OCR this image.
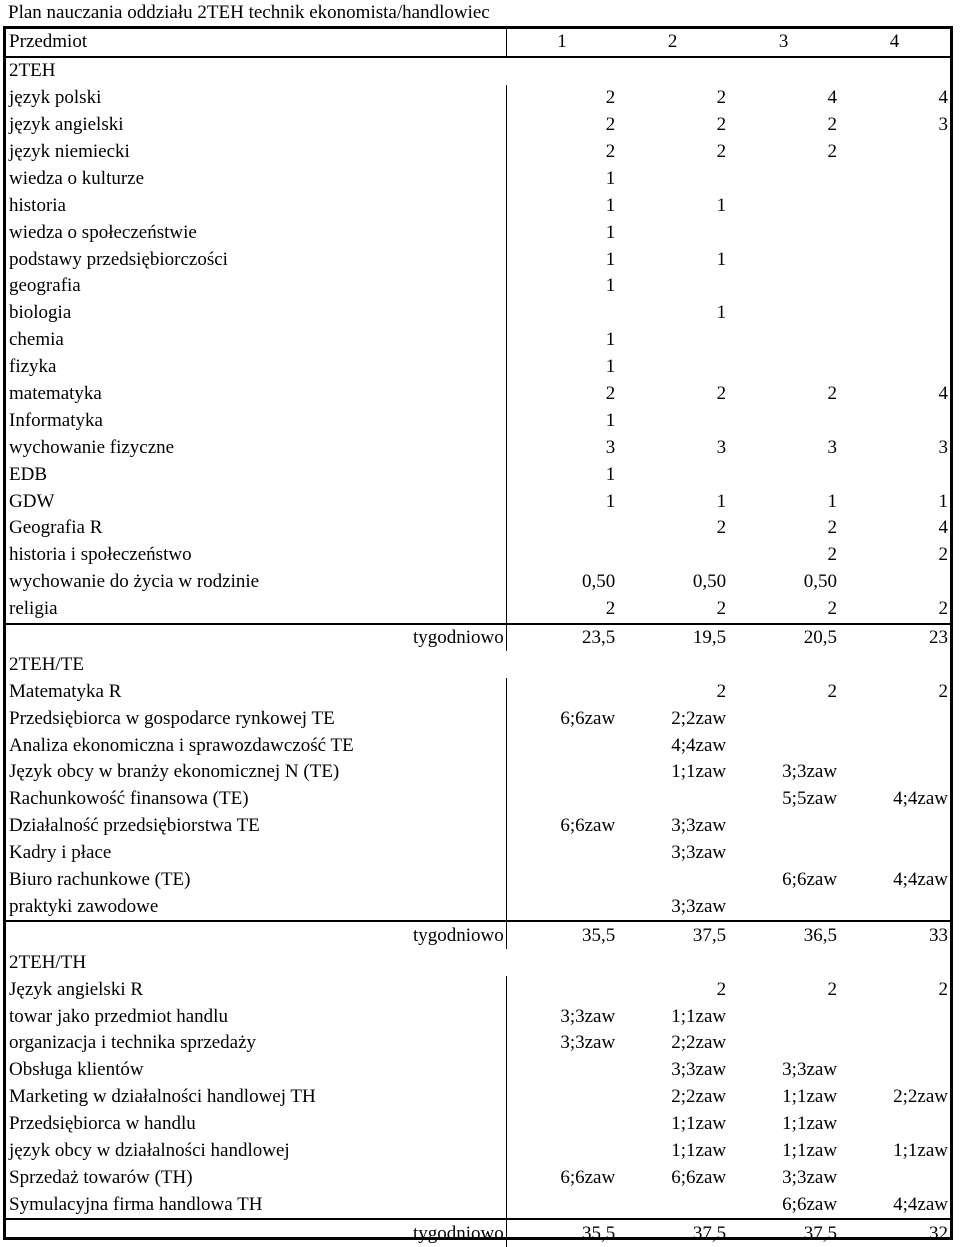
Plan nauczania oddziału 2TEH technik ekonomista/handlowiec
Przedmiot	1	2	3	4
2TEH				
język polski	2	2	4	4
język angielski	2	2	2	3
język niemiecki	2	2	2	
wiedza o kulturze	1			
historia	1	1		
wiedza o społeczeństwie	1			
podstawy przedsiębiorczości	1	1		
geografia	1			
biologia		1		
chemia	1			
fizyka	1			
matematyka	2	2	2	4
Informatyka	1			
wychowanie fizyczne	3	3	3	3
EDB	1			
GDW	1	1	1	1
Geografia R		2	2	4
historia i społeczeństwo			2	2
wychowanie do życia w rodzinie	0,50	0,50	0,50	
religia	2	2	2	2
tygodniowo	23,5	19,5	20,5	23
2TEH/TE				
Matematyka R		2	2	2
Przedsiębiorca w gospodarce rynkowej TE	6;6zaw	2;2zaw		
Analiza ekonomiczna i sprawozdawczość TE		4;4zaw		
Język obcy w branży ekonomicznej N (TE)		1;1zaw	3;3zaw	
Rachunkowość finansowa (TE)			5;5zaw	4;4zaw
Działalność przedsiębiorstwa TE	6;6zaw	3;3zaw		
Kadry i płace		3;3zaw		
Biuro rachunkowe (TE)			6;6zaw	4;4zaw
praktyki zawodowe		3;3zaw		
tygodniowo	35,5	37,5	36,5	33
2TEH/TH				
Język angielski R		2	2	2
towar jako przedmiot handlu	3;3zaw	1;1zaw		
organizacja i technika sprzedaży	3;3zaw	2;2zaw		
Obsługa klientów		3;3zaw	3;3zaw	
Marketing w działalności handlowej TH		2;2zaw	1;1zaw	2;2zaw
Przedsiębiorca w handlu		1;1zaw	1;1zaw	
język obcy w działalności handlowej		1;1zaw	1;1zaw	1;1zaw
Sprzedaż towarów (TH)	6;6zaw	6;6zaw	3;3zaw	
Symulacyjna firma handlowa TH			6;6zaw	4;4zaw
tygodniowo	35,5	37,5	37,5	32
